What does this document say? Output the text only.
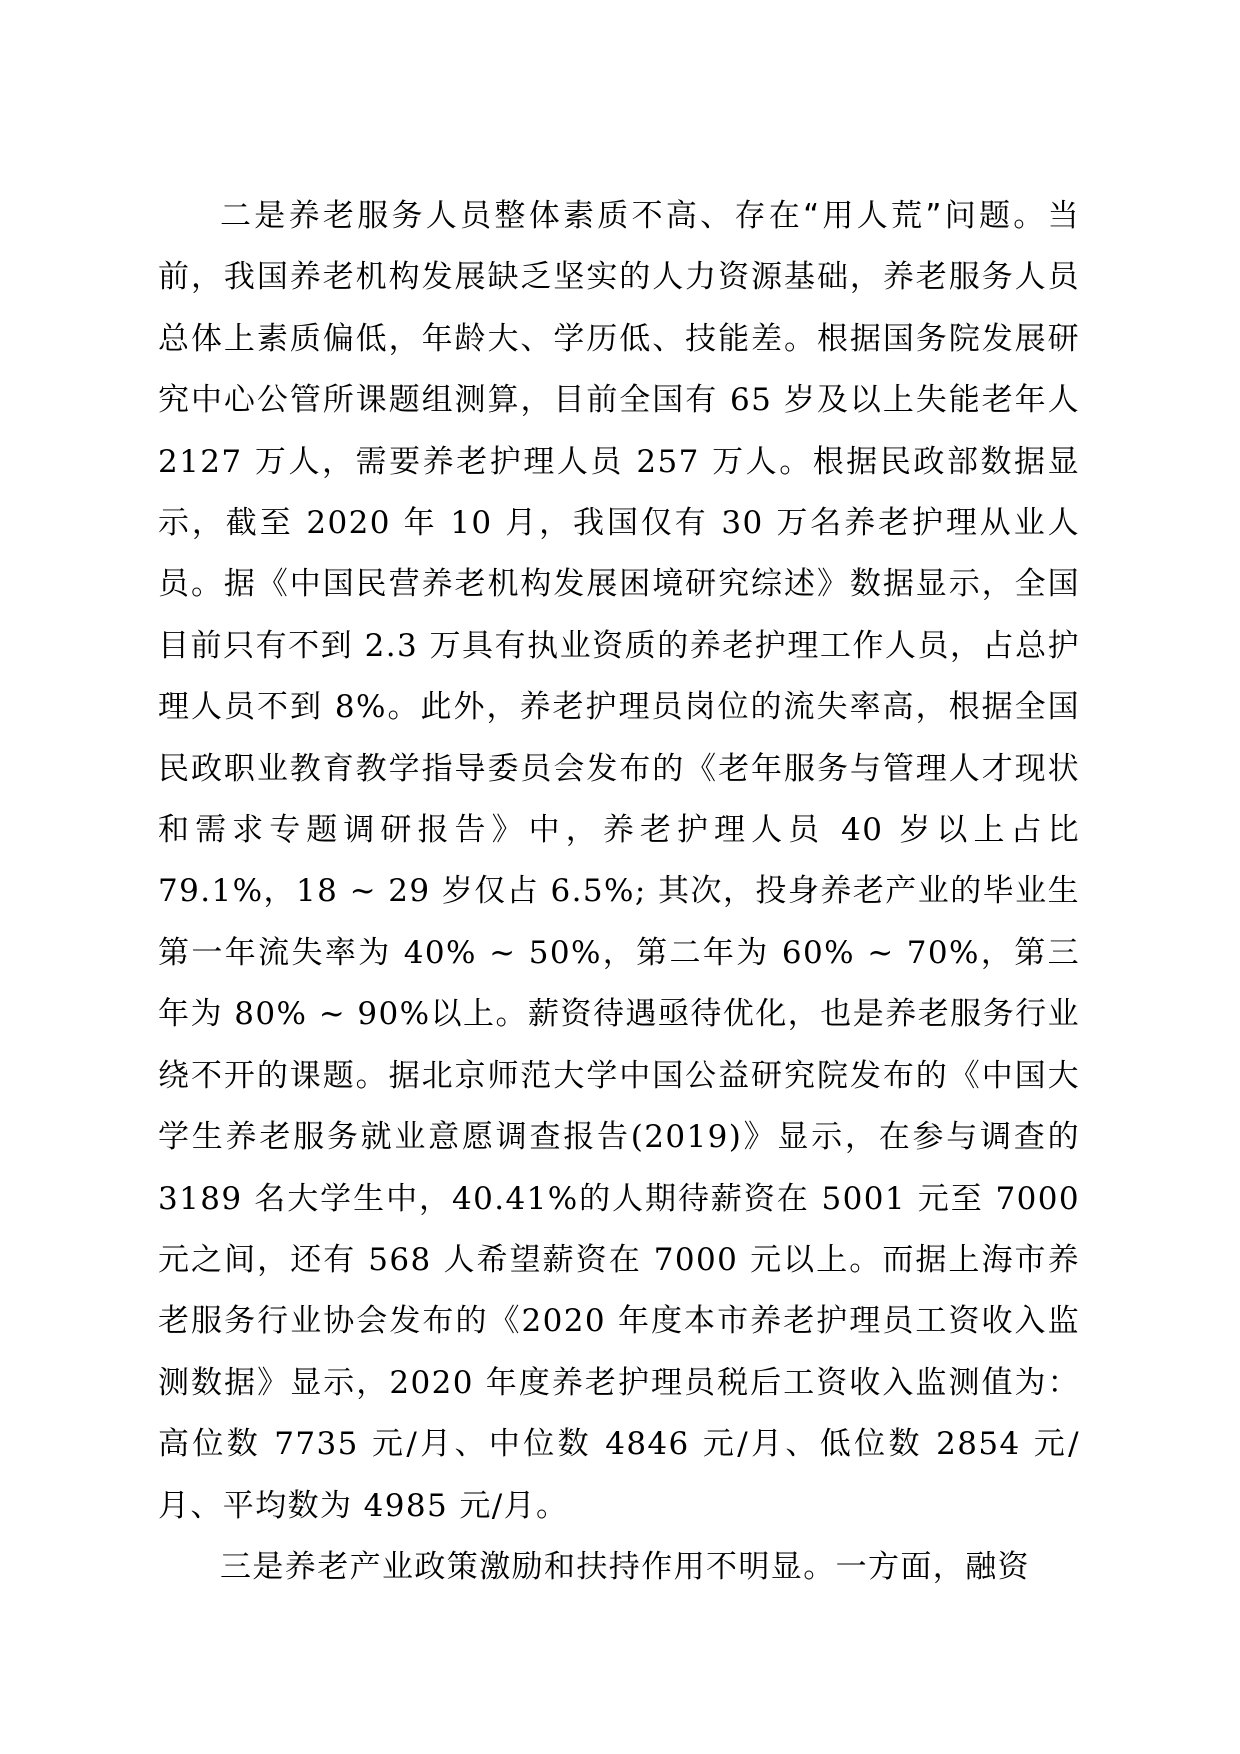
二是养老服务人员整体素质不高、存在“用人荒”问题。当前，我国养老机构发展缺乏坚实的人力资源基础，养老服务人员总体上素质偏低，年龄大、学历低、技能差。根据国务院发展研究中心公管所课题组测算，目前全国有 65 岁及以上失能老年人 2127 万人，需要养老护理人员 257 万人。根据民政部数据显示，截至 2020 年 10 月，我国仅有 30 万名养老护理从业人员。据《中国民营养老机构发展困境研究综述》数据显示，全国目前只有不到 2.3 万具有执业资质的养老护理工作人员，占总护理人员不到 8%。此外，养老护理员岗位的流失率高，根据全国民政职业教育教学指导委员会发布的《老年服务与管理人才现状和需求专题调研报告》中，养老护理人员 40 岁以上占比 79.1%，18 ~ 29 岁仅占 6.5%; 其次，投身养老产业的毕业生第一年流失率为 40% ~ 50%，第二年为 60% ~ 70%，第三年为 80% ~ 90%以上。薪资待遇亟待优化，也是养老服务行业绕不开的课题。据北京师范大学中国公益研究院发布的《中国大学生养老服务就业意愿调查报告(2019)》显示，在参与调查的 3189 名大学生中，40.41%的人期待薪资在 5001 元至 7000 元之间，还有 568 人希望薪资在 7000 元以上。而据上海市养老服务行业协会发布的《2020 年度本市养老护理员工资收入监测数据》显示，2020 年度养老护理员税后工资收入监测值为：高位数 7735 元/月、中位数 4846 元/月、低位数 2854 元/月、平均数为 4985 元/月。

三是养老产业政策激励和扶持作用不明显。一方面，融资
